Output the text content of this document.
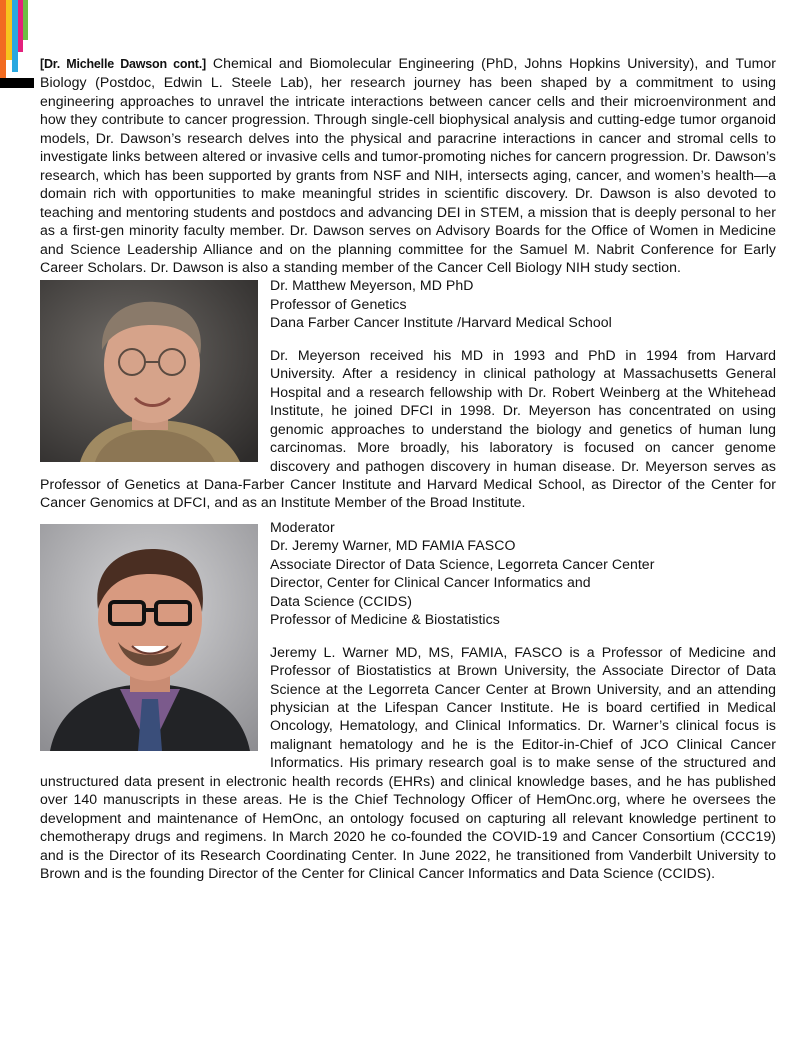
[Dr. Michelle Dawson cont.] Chemical and Biomolecular Engineering (PhD, Johns Hopkins University), and Tumor Biology (Postdoc, Edwin L. Steele Lab), her research journey has been shaped by a commitment to using engineering approaches to unravel the intricate interactions between cancer cells and their microenvironment and how they contribute to cancer progression. Through single-cell biophysical analysis and cutting-edge tumor organoid models, Dr. Dawson’s research delves into the physical and paracrine interactions in cancer and stromal cells to investigate links between altered or invasive cells and tumor-promoting niches for cancern progression. Dr. Dawson’s research, which has been supported by grants from NSF and NIH, intersects aging, cancer, and women’s health—a domain rich with opportunities to make meaningful strides in scientific discovery. Dr. Dawson is also devoted to teaching and mentoring students and postdocs and advancing DEI in STEM, a mission that is deeply personal to her as a first-gen minority faculty member. Dr. Dawson serves on Advisory Boards for the Office of Women in Medicine and Science Leadership Alliance and on the planning committee for the Samuel M. Nabrit Conference for Early Career Scholars. Dr. Dawson is also a standing member of the Cancer Cell Biology NIH study section.

Dr. Matthew Meyerson, MD PhD
Professor of Genetics
Dana Farber Cancer Institute /Harvard Medical School

Dr. Meyerson received his MD in 1993 and PhD in 1994 from Harvard University. After a residency in clinical pathology at Massachusetts General Hospital and a research fellowship with Dr. Robert Weinberg at the Whitehead Institute, he joined DFCI in 1998. Dr. Meyerson has concentrated on using genomic approaches to understand the biology and genetics of human lung carcinomas. More broadly, his laboratory is focused on cancer genome discovery and pathogen discovery in human disease. Dr. Meyerson serves as Professor of Genetics at Dana-Farber Cancer Institute and Harvard Medical School, as Director of the Center for Cancer Genomics at DFCI, and as an Institute Member of the Broad Institute.

Moderator
Dr. Jeremy Warner, MD FAMIA FASCO
Associate Director of Data Science, Legorreta Cancer Center
Director, Center for Clinical Cancer Informatics and
Data Science (CCIDS)
Professor of Medicine & Biostatistics

Jeremy L. Warner MD, MS, FAMIA, FASCO is a Professor of Medicine and Professor of Biostatistics at Brown University, the Associate Director of Data Science at the Legorreta Cancer Center at Brown University, and an attending physician at the Lifespan Cancer Institute. He is board certified in Medical Oncology, Hematology, and Clinical Informatics. Dr. Warner’s clinical focus is malignant hematology and he is the Editor-in-Chief of JCO Clinical Cancer Informatics. His primary research goal is to make sense of the structured and unstructured data present in electronic health records (EHRs) and clinical knowledge bases, and he has published over 140 manuscripts in these areas. He is the Chief Technology Officer of HemOnc.org, where he oversees the development and maintenance of HemOnc, an ontology focused on capturing all relevant knowledge pertinent to chemotherapy drugs and regimens. In March 2020 he co-founded the COVID-19 and Cancer Consortium (CCC19) and is the Director of its Research Coordinating Center. In June 2022, he transitioned from Vanderbilt University to Brown and is the founding Director of the Center for Clinical Cancer Informatics and Data Science (CCIDS).
